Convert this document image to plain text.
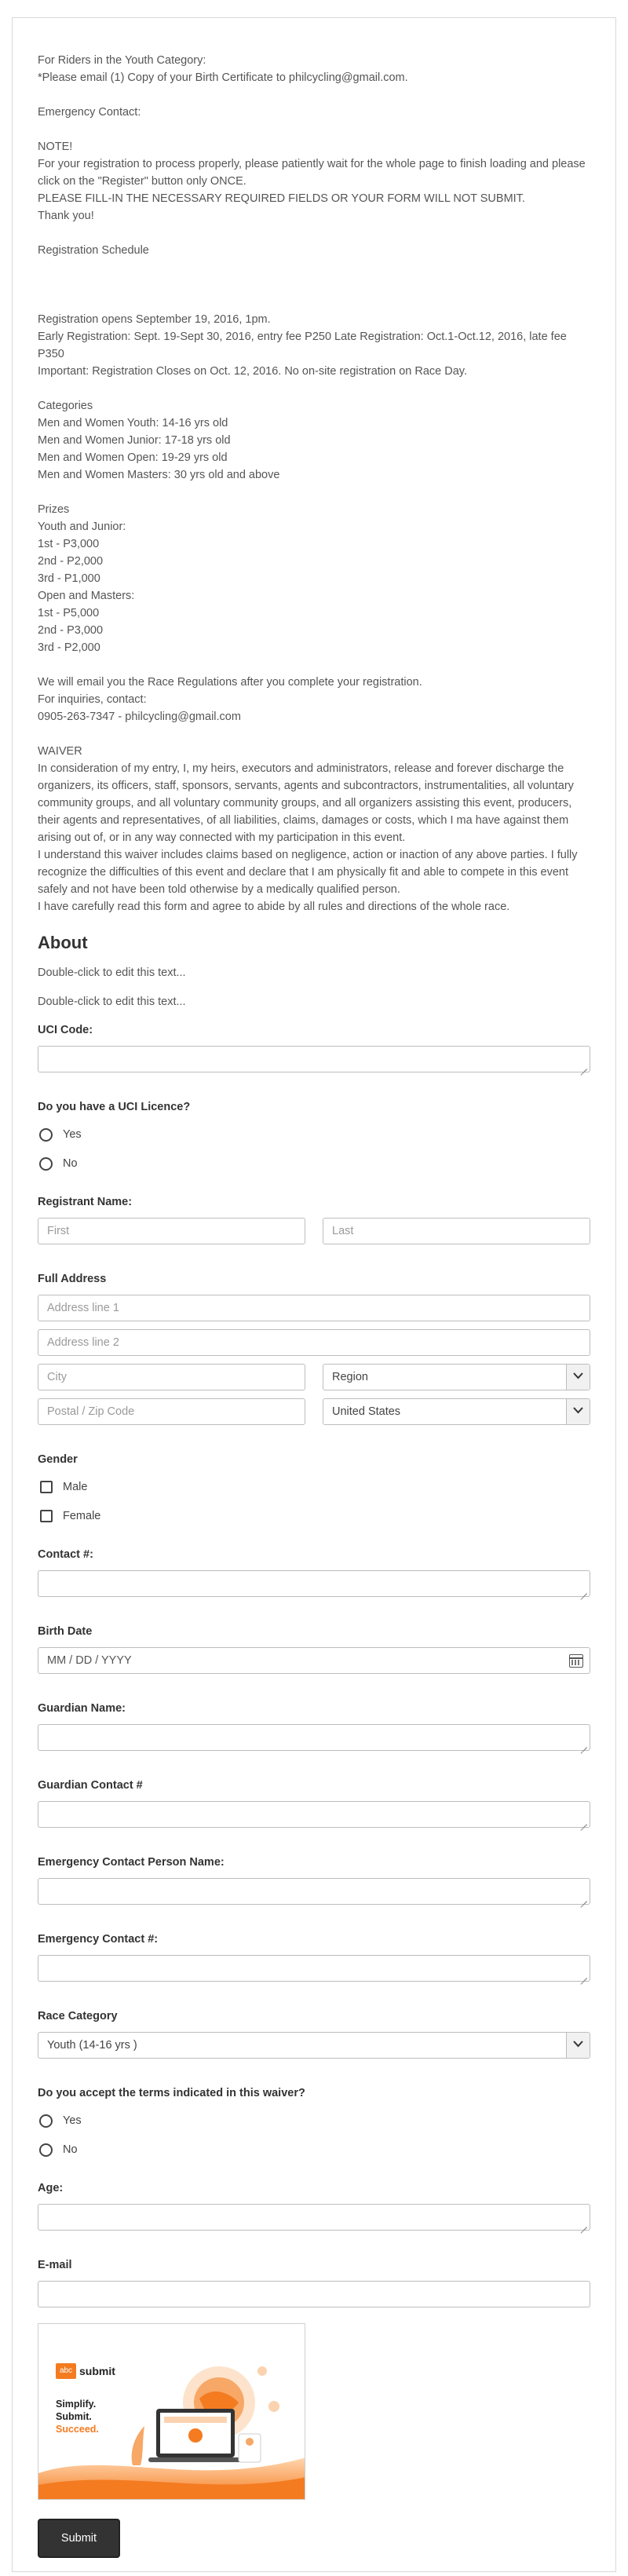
For Riders in the Youth Category:

*Please email (1) Copy of your Birth Certificate to philcycling@gmail.com.

Emergency Contact:

NOTE!

For your registration to process properly, please patiently wait for the whole page to finish loading and please click on the "Register" button only ONCE.

PLEASE FILL-IN THE NECESSARY REQUIRED FIELDS OR YOUR FORM WILL NOT SUBMIT.

Thank you!

Registration Schedule

Registration opens September 19, 2016, 1pm.

Early Registration: Sept. 19-Sept 30, 2016, entry fee P250 Late Registration: Oct.1-Oct.12, 2016, late fee P350

Important: Registration Closes on Oct. 12, 2016. No on-site registration on Race Day.

Categories

Men and Women Youth: 14-16 yrs old

Men and Women Junior: 17-18 yrs old

Men and Women Open: 19-29 yrs old

Men and Women Masters: 30 yrs old and above

Prizes

Youth and Junior:

1st - P3,000

2nd - P2,000

3rd - P1,000

Open and Masters:

1st - P5,000

2nd - P3,000

3rd - P2,000

We will email you the Race Regulations after you complete your registration.

For inquiries, contact:

0905-263-7347 - philcycling@gmail.com

WAIVER

In consideration of my entry, I, my heirs, executors and administrators, release and forever discharge the organizers, its officers, staff, sponsors, servants, agents and subcontractors, instrumentalities, all voluntary community groups, and all voluntary community groups, and all organizers assisting this event, producers, their agents and representatives, of all liabilities, claims, damages or costs, which I ma have against them arising out of, or in any way connected with my participation in this event.

I understand this waiver includes claims based on negligence, action or inaction of any above parties. I fully recognize the difficulties of this event and declare that I am physically fit and able to compete in this event safely and not have been told otherwise by a medically qualified person.

I have carefully read this form and agree to abide by all rules and directions of the whole race.

About

Double-click to edit this text...

Double-click to edit this text...

UCI Code:
Do you have a UCI Licence?
Yes
No
Registrant Name:
First	Last
Full Address
Address line 1
Address line 2
City	Region
Postal / Zip Code	United States
Gender
Male
Female
Contact #:
Birth Date
MM / DD / YYYY
Guardian Name:
Guardian Contact #
Emergency Contact Person Name:
Emergency Contact #:
Race Category
Youth (14-16 yrs )
Do you accept the terms indicated in this waiver?
Yes
No
Age:
E-mail
abc submit
Simplify.
Submit.
Succeed.
Submit
